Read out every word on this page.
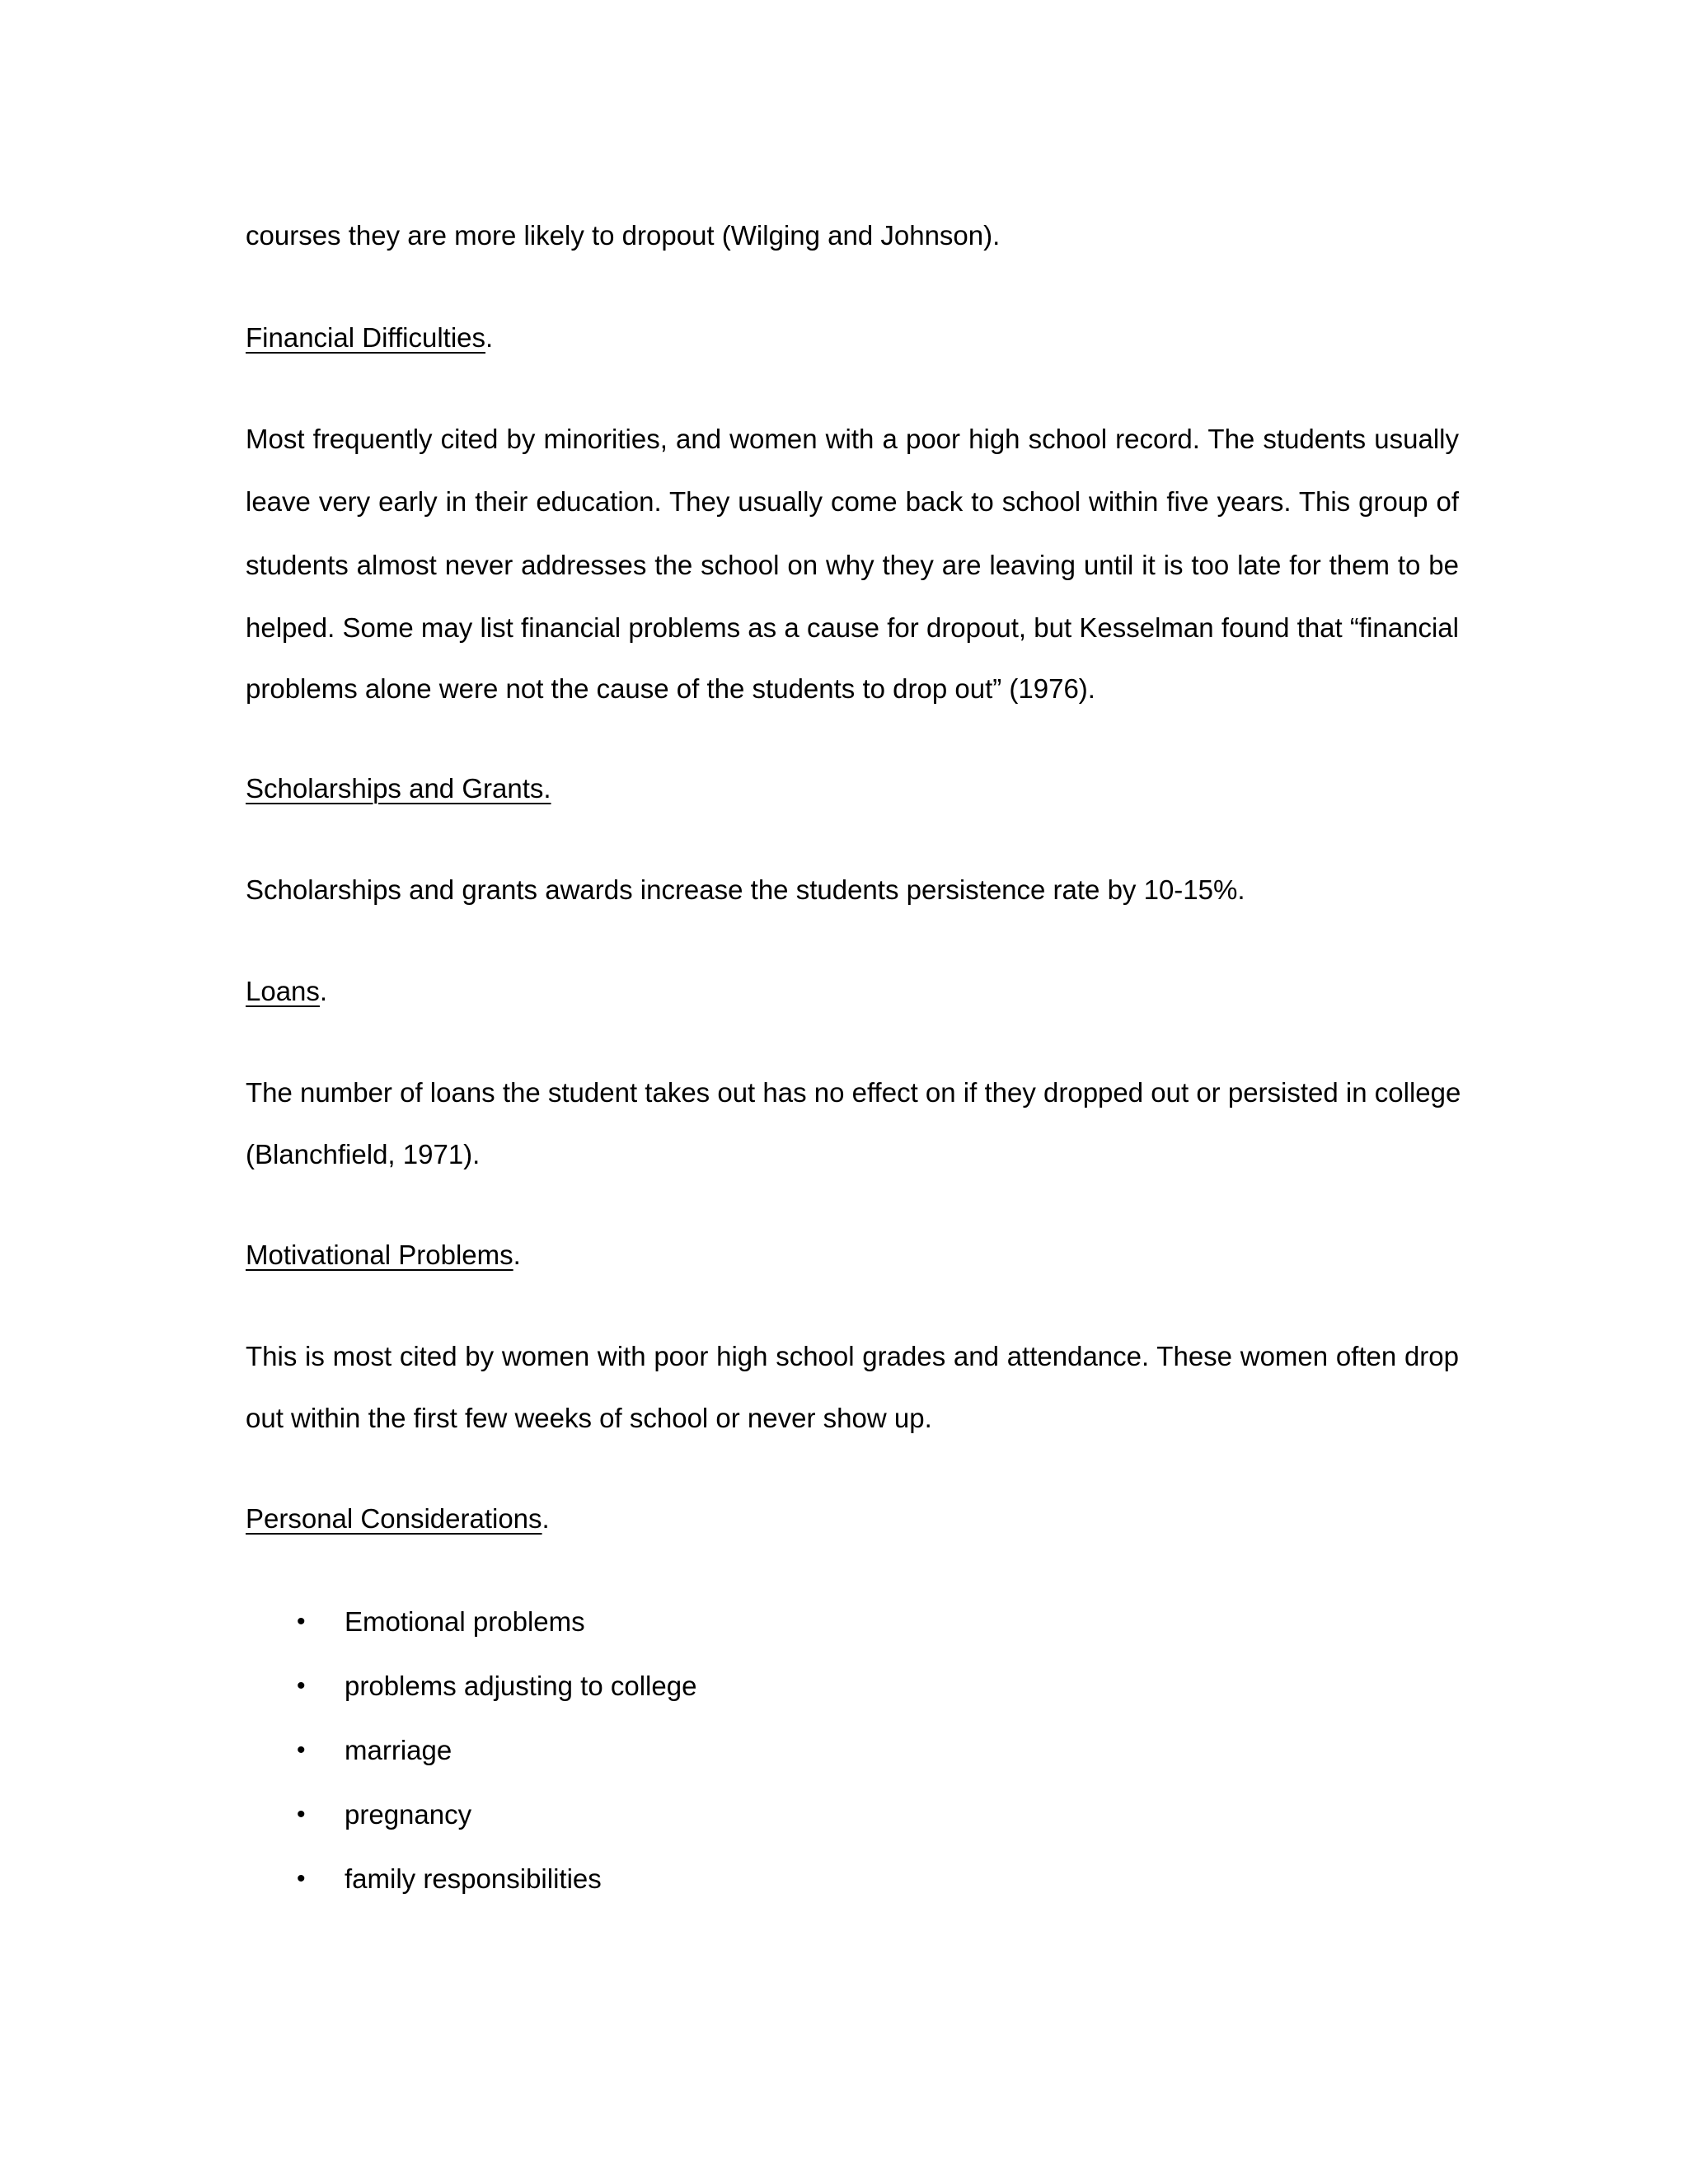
courses they are more likely to dropout (Wilging and Johnson).
Financial Difficulties.
Most frequently cited by minorities, and women with a poor high school record. The students usually
leave very early in their education. They usually come back to school within five years. This group of
students almost never addresses the school on why they are leaving until it is too late for them to be
helped. Some may list financial problems as a cause for dropout, but Kesselman found that “financial
problems alone were not the cause of the students to drop out” (1976).
Scholarships and Grants.
Scholarships and grants awards increase the students persistence rate by 10-15%.
Loans.
The number of loans the student takes out has no effect on if they dropped out or persisted in college
(Blanchfield, 1971).
Motivational Problems.
This is most cited by women with poor high school grades and attendance. These women often drop
out within the first few weeks of school or never show up.
Personal Considerations.
• Emotional problems
• problems adjusting to college
• marriage
• pregnancy
• family responsibilities
